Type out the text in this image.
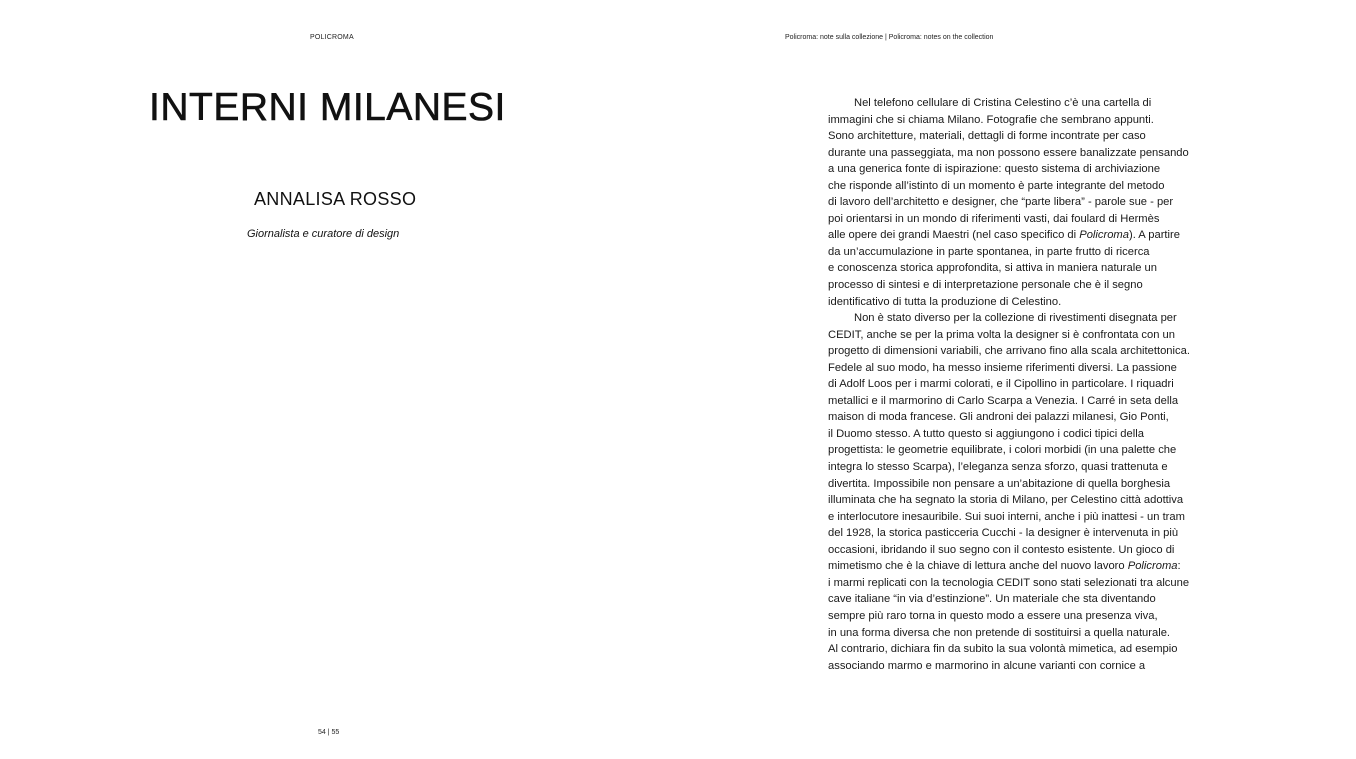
POLICROMA
INTERNI MILANESI
ANNALISA ROSSO
Giornalista e curatore di design
54 | 55
Policroma: note sulla collezione | Policroma: notes on the collection
Nel telefono cellulare di Cristina Celestino c’è una cartella di
immagini che si chiama Milano. Fotografie che sembrano appunti.
Sono architetture, materiali, dettagli di forme incontrate per caso
durante una passeggiata, ma non possono essere banalizzate pensando
a una generica fonte di ispirazione: questo sistema di archiviazione
che risponde all’istinto di un momento è parte integrante del metodo
di lavoro dell’architetto e designer, che “parte libera” - parole sue - per
poi orientarsi in un mondo di riferimenti vasti, dai foulard di Hermès
alle opere dei grandi Maestri (nel caso specifico di Policroma). A partire
da un’accumulazione in parte spontanea, in parte frutto di ricerca
e conoscenza storica approfondita, si attiva in maniera naturale un
processo di sintesi e di interpretazione personale che è il segno
identificativo di tutta la produzione di Celestino.
Non è stato diverso per la collezione di rivestimenti disegnata per
CEDIT, anche se per la prima volta la designer si è confrontata con un
progetto di dimensioni variabili, che arrivano fino alla scala architettonica.
Fedele al suo modo, ha messo insieme riferimenti diversi. La passione
di Adolf Loos per i marmi colorati, e il Cipollino in particolare. I riquadri
metallici e il marmorino di Carlo Scarpa a Venezia. I Carré in seta della
maison di moda francese. Gli androni dei palazzi milanesi, Gio Ponti,
il Duomo stesso. A tutto questo si aggiungono i codici tipici della
progettista: le geometrie equilibrate, i colori morbidi (in una palette che
integra lo stesso Scarpa), l’eleganza senza sforzo, quasi trattenuta e
divertita. Impossibile non pensare a un’abitazione di quella borghesia
illuminata che ha segnato la storia di Milano, per Celestino città adottiva
e interlocutore inesauribile. Sui suoi interni, anche i più inattesi - un tram
del 1928, la storica pasticceria Cucchi - la designer è intervenuta in più
occasioni, ibridando il suo segno con il contesto esistente. Un gioco di
mimetismo che è la chiave di lettura anche del nuovo lavoro Policroma:
i marmi replicati con la tecnologia CEDIT sono stati selezionati tra alcune
cave italiane “in via d’estinzione”. Un materiale che sta diventando
sempre più raro torna in questo modo a essere una presenza viva,
in una forma diversa che non pretende di sostituirsi a quella naturale.
Al contrario, dichiara fin da subito la sua volontà mimetica, ad esempio
associando marmo e marmorino in alcune varianti con cornice a
